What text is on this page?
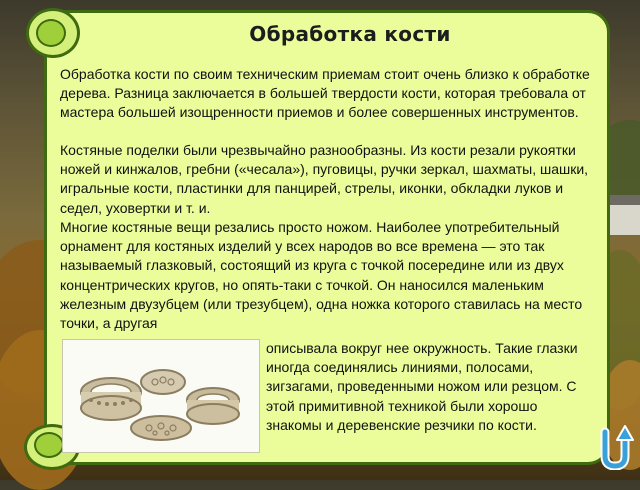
Обработка кости

Обработка кости по своим техническим приемам стоит очень близко к обработке дерева. Разница заключается в большей твердости кости, которая требовала от мастера большей изощренности приемов и более совершенных инструментов.

Костяные поделки были чрезвычайно разнообразны. Из кости резали рукоятки ножей и кинжалов, гребни («чесала»), пуговицы, ручки зеркал, шахматы, шашки, игральные кости, пластинки для панцирей, стрелы, иконки, обкладки луков и седел, уховертки и т. и.

Многие костяные вещи резались просто ножом. Наиболее употребительный орнамент для костяных изделий у всех народов во все времена — это так называемый глазковый, состоящий из круга с точкой посередине или из двух концентрических кругов, но опять-таки с точкой. Он наносился маленьким железным двузубцем (или трезубцем), одна ножка которого ставилась на место точки, а другая

описывала вокруг нее окружность. Такие глазки иногда соединялись линиями, полосами, зигзагами, проведенными ножом или резцом. С этой примитивной техникой были хорошо знакомы и деревенские резчики по кости.
